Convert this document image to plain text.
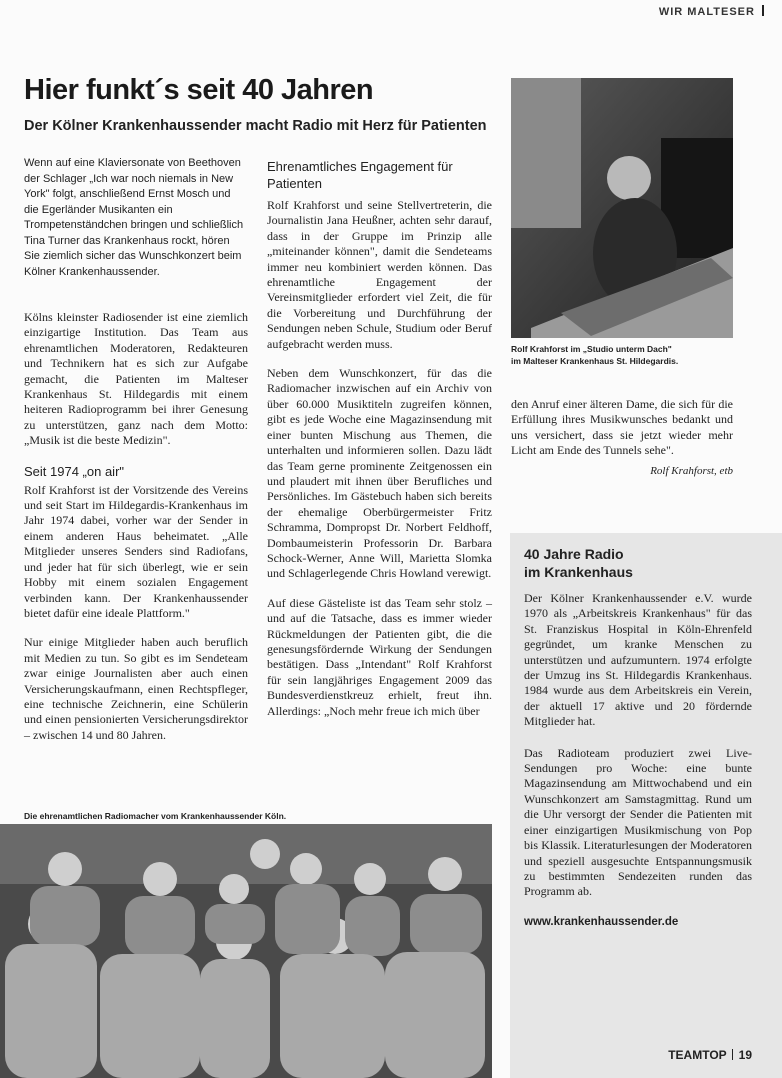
WIR MALTESER
Hier funkt´s seit 40 Jahren
Der Kölner Krankenhaussender macht Radio mit Herz für Patienten
Rolf Krahforst im „Studio unterm Dach"
im Malteser Krankenhaus St. Hildegardis.

Wenn auf eine Klaviersonate von Beethoven der Schlager „Ich war noch niemals in New York" folgt, anschließend Ernst Mosch und die Egerländer Musikanten ein Trompetenständchen bringen und schließlich Tina Turner das Krankenhaus rockt, hören Sie ziemlich sicher das Wunschkonzert beim Kölner Krankenhaussender.

Kölns kleinster Radiosender ist eine ziemlich einzigartige Institution. Das Team aus ehrenamtlichen Moderatoren, Redakteuren und Technikern hat es sich zur Aufgabe gemacht, die Patienten im Malteser Krankenhaus St. Hildegardis mit einem heiteren Radioprogramm bei ihrer Genesung zu unterstützen, ganz nach dem Motto: „Musik ist die beste Medizin".

Seit 1974 „on air"

Rolf Krahforst ist der Vorsitzende des Vereins und seit Start im Hildegardis-Krankenhaus im Jahr 1974 dabei, vorher war der Sender in einem anderen Haus beheimatet. „Alle Mitglieder unseres Senders sind Radiofans, und jeder hat für sich überlegt, wie er sein Hobby mit einem sozialen Engagement verbinden kann. Der Krankenhaussender bietet dafür eine ideale Plattform."

Nur einige Mitglieder haben auch beruflich mit Medien zu tun. So gibt es im Sendeteam zwar einige Journalisten aber auch einen Versicherungskaufmann, einen Rechtspfleger, eine technische Zeichnerin, eine Schülerin und einen pensionierten Versicherungsdirektor – zwischen 14 und 80 Jahren.

Ehrenamtliches Engagement für Patienten

Rolf Krahforst und seine Stellvertreterin, die Journalistin Jana Heußner, achten sehr darauf, dass in der Gruppe im Prinzip alle „miteinander können", damit die Sendeteams immer neu kombiniert werden können. Das ehrenamtliche Engagement der Vereinsmitglieder erfordert viel Zeit, die für die Vorbereitung und Durchführung der Sendungen neben Schule, Studium oder Beruf aufgebracht werden muss.

Neben dem Wunschkonzert, für das die Radiomacher inzwischen auf ein Archiv von über 60.000 Musiktiteln zugreifen können, gibt es jede Woche eine Magazinsendung mit einer bunten Mischung aus Themen, die unterhalten und informieren sollen. Dazu lädt das Team gerne prominente Zeitgenossen ein und plaudert mit ihnen über Berufliches und Persönliches. Im Gästebuch haben sich bereits der ehemalige Oberbürgermeister Fritz Schramma, Dompropst Dr. Norbert Feldhoff, Dombaumeisterin Professorin Dr. Barbara Schock-Werner, Anne Will, Marietta Slomka und Schlagerlegende Chris Howland verewigt.

Auf diese Gästeliste ist das Team sehr stolz – und auf die Tatsache, dass es immer wieder Rückmeldungen der Patienten gibt, die die genesungsfördernde Wirkung der Sendungen bestätigen. Dass „Intendant" Rolf Krahforst für sein langjähriges Engagement 2009 das Bundesverdienstkreuz erhielt, freut ihn. Allerdings: „Noch mehr freue ich mich über

den Anruf einer älteren Dame, die sich für die Erfüllung ihres Musikwunsches bedankt und uns versichert, dass sie jetzt wieder mehr Licht am Ende des Tunnels sehe".

Rolf Krahforst, etb
40 Jahre Radio
im Krankenhaus

Der Kölner Krankenhaussender e.V. wurde 1970 als „Arbeitskreis Krankenhaus" für das St. Franziskus Hospital in Köln-Ehrenfeld gegründet, um kranke Menschen zu unterstützen und aufzumuntern. 1974 erfolgte der Umzug ins St. Hildegardis Krankenhaus. 1984 wurde aus dem Arbeitskreis ein Verein, der aktuell 17 aktive und 20 fördernde Mitglieder hat.

Das Radioteam produziert zwei Live-Sendungen pro Woche: eine bunte Magazinsendung am Mittwochabend und ein Wunschkonzert am Samstagmittag. Rund um die Uhr versorgt der Sender die Patienten mit einer einzigartigen Musikmischung von Pop bis Klassik. Literaturlesungen der Moderatoren und speziell ausgesuchte Entspannungsmusik zu bestimmten Sendezeiten runden das Programm ab.

www.krankenhaussender.de
Die ehrenamtlichen Radiomacher vom Krankenhaussender Köln.
TEAMTOP 19
